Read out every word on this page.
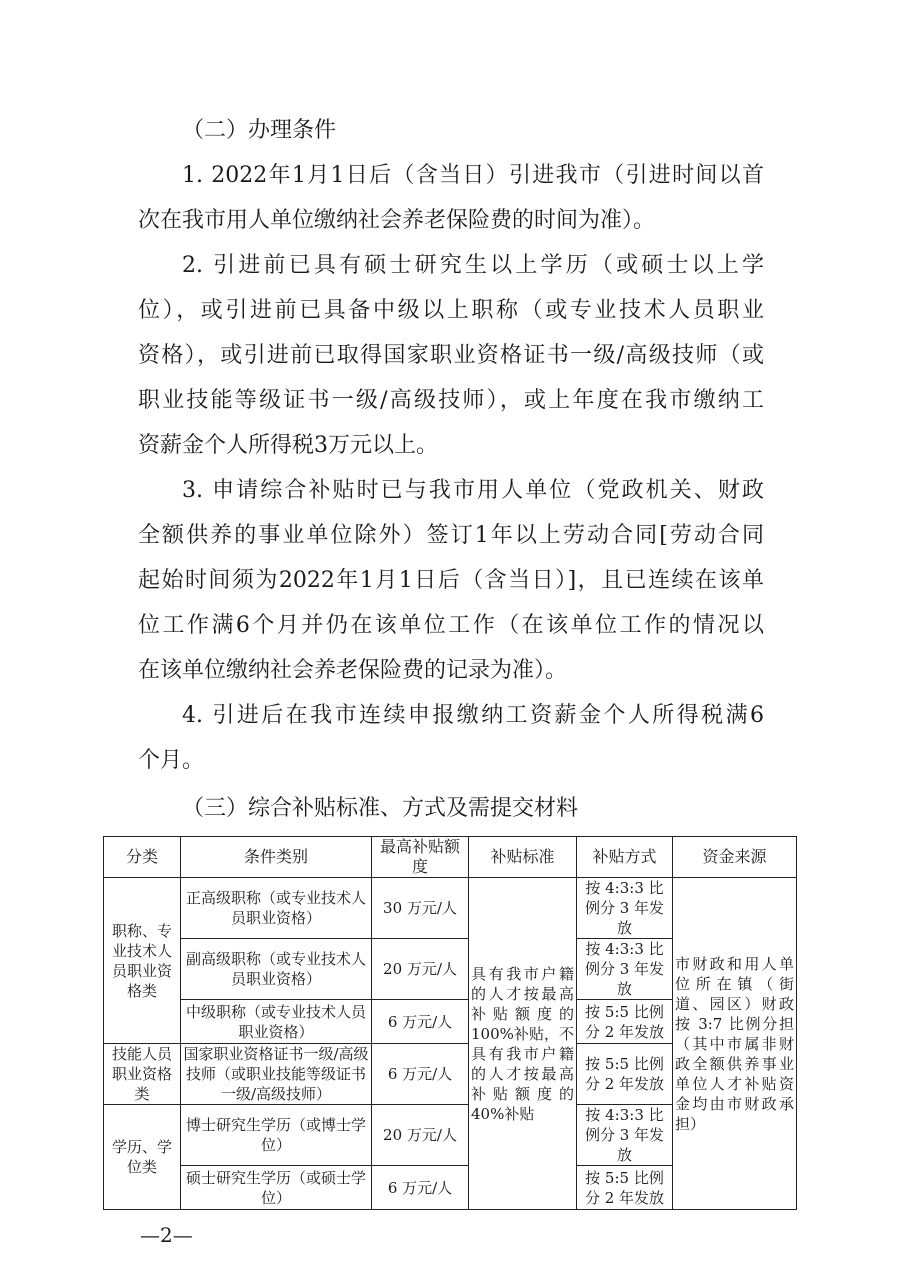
（二）办理条件
1. 2022年1月1日后（含当日）引进我市（引进时间以首
次在我市用人单位缴纳社会养老保险费的时间为准）。
2. 引进前已具有硕士研究生以上学历（或硕士以上学
位），或引进前已具备中级以上职称（或专业技术人员职业
资格），或引进前已取得国家职业资格证书一级/高级技师（或
职业技能等级证书一级/高级技师），或上年度在我市缴纳工
资薪金个人所得税3万元以上。
3. 申请综合补贴时已与我市用人单位（党政机关、财政
全额供养的事业单位除外）签订1年以上劳动合同[劳动合同
起始时间须为2022年1月1日后（含当日）]，且已连续在该单
位工作满6个月并仍在该单位工作（在该单位工作的情况以
在该单位缴纳社会养老保险费的记录为准）。
4. 引进后在我市连续申报缴纳工资薪金个人所得税满6
个月。
（三）综合补贴标准、方式及需提交材料
分类	条件类别	最高补贴额度	补贴标准	补贴方式	资金来源
职称、专业技术人员职业资格类	正高级职称（或专业技术人员职业资格）	30 万元/人	具有我市户籍的人才按最高补贴额度的100%补贴，不具有我市户籍的人才按最高补贴额度的40%补贴	按 4:3:3 比例分 3 年发放	市财政和用人单位所在镇（街道、园区）财政按 3:7 比例分担（其中市属非财政全额供养事业单位人才补贴资金均由市财政承担）
	副高级职称（或专业技术人员职业资格）	20 万元/人		按 4:3:3 比例分 3 年发放	
	中级职称（或专业技术人员职业资格）	6 万元/人		按 5:5 比例分 2 年发放	
技能人员职业资格类	国家职业资格证书一级/高级技师（或职业技能等级证书一级/高级技师）	6 万元/人		按 5:5 比例分 2 年发放	
学历、学位类	博士研究生学历（或博士学位）	20 万元/人		按 4:3:3 比例分 3 年发放	
	硕士研究生学历（或硕士学位）	6 万元/人		按 5:5 比例分 2 年发放	
—2—
